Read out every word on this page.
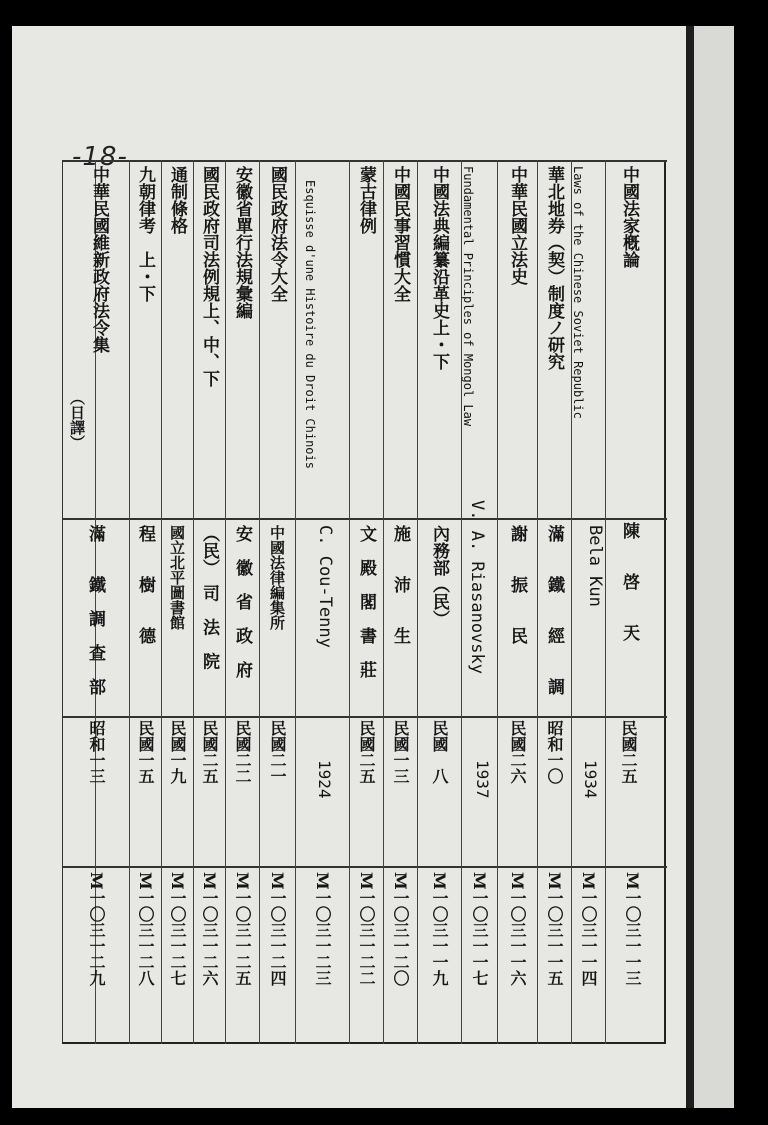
-18-
中國法家槪論
陳　　啓　　天
民國二五
M一〇三一一三
Laws of the Chinese Soviet Republic
Bela Kun
1934
M一〇三一一四
華北地券（契）制度ノ研究
滿　　鐵　　經　　調
昭和一〇
M一〇三一一五
中華民國立法史
謝　　振　　民
民國二六
M一〇三一一六
Fundamental Principles of Mongol Law
V. A. Riasanovsky
1937
M一〇三一一七
中國法典編纂沿革史上・下
內務部（民）
民國　八
M一〇三一一九
中國民事習慣大全
施　　沛　　生
民國一三
M一〇三一二〇
蒙古律例
文　殿　閣　書　莊
民國二五
M一〇三一二二
Esquisse d'une Histoire du Droit Chinois
C. Cou-Tenny
1924
M一〇三一二三
國民政府法令大全
中國法律編集所
民國二一
M一〇三一二四
安徽省單行法規彙編
安　徽　省　政　府
民國二二
M一〇三一二五
國民政府司法例規上、中、下
（民）　司　法　院
民國二五
M一〇三一二六
通制條格
國立北平圖書館
民國一九
M一〇三一二七
九朝律考　上・下
程　　樹　　德
民國一五
M一〇三一二八
中華民國維新政府法令集
（日譯）
滿　　鐵　調　查　部
昭和一三
M一〇三一二九
